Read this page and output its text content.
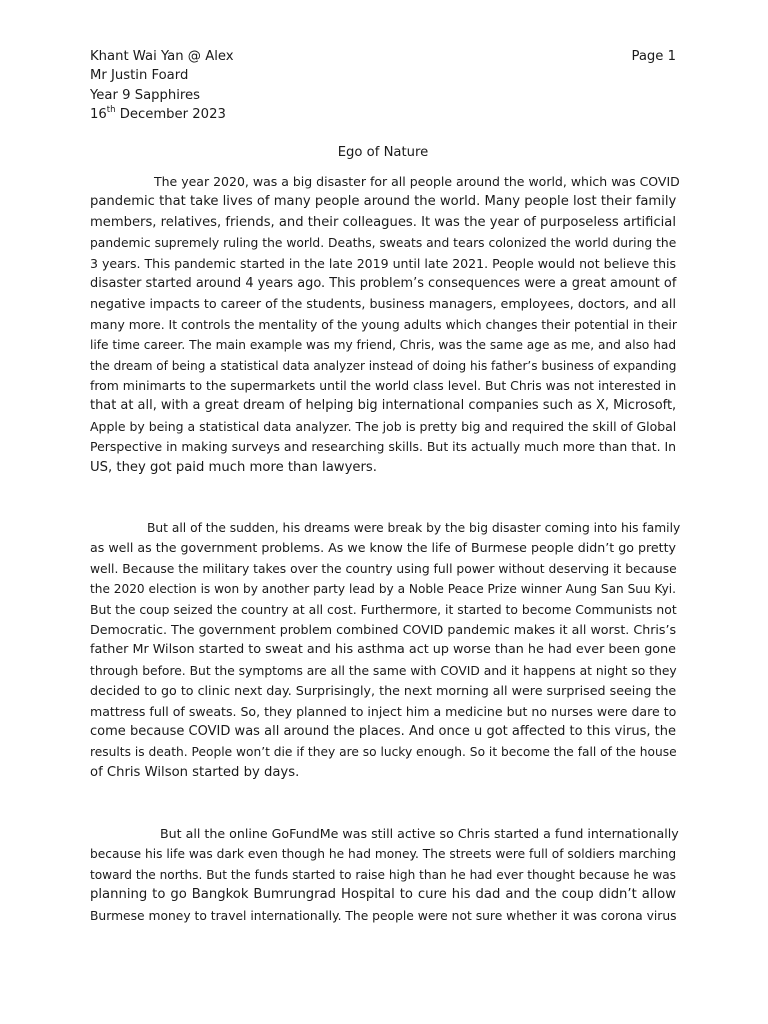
Khant Wai Yan @ Alex
Mr Justin Foard
Year 9 Sapphires
16th December 2023
Page 1
Ego of Nature
The year 2020, was a big disaster for all people around the world, which was COVID
pandemic that take lives of many people around the world. Many people lost their family
members, relatives, friends, and their colleagues. It was the year of purposeless artificial
pandemic supremely ruling the world. Deaths, sweats and tears colonized the world during the
3 years. This pandemic started in the late 2019 until late 2021. People would not believe this
disaster started around 4 years ago. This problem’s consequences were a great amount of
negative impacts to career of the students, business managers, employees, doctors, and all
many more. It controls the mentality of the young adults which changes their potential in their
life time career. The main example was my friend, Chris, was the same age as me, and also had
the dream of being a statistical data analyzer instead of doing his father’s business of expanding
from minimarts to the supermarkets until the world class level. But Chris was not interested in
that at all, with a great dream of helping big international companies such as X, Microsoft,
Apple by being a statistical data analyzer. The job is pretty big and required the skill of Global
Perspective in making surveys and researching skills. But its actually much more than that. In
US, they got paid much more than lawyers.
But all of the sudden, his dreams were break by the big disaster coming into his family
as well as the government problems. As we know the life of Burmese people didn’t go pretty
well. Because the military takes over the country using full power without deserving it because
the 2020 election is won by another party lead by a Noble Peace Prize winner Aung San Suu Kyi.
But the coup seized the country at all cost. Furthermore, it started to become Communists not
Democratic. The government problem combined COVID pandemic makes it all worst. Chris’s
father Mr Wilson started to sweat and his asthma act up worse than he had ever been gone
through before. But the symptoms are all the same with COVID and it happens at night so they
decided to go to clinic next day. Surprisingly, the next morning all were surprised seeing the
mattress full of sweats. So, they planned to inject him a medicine but no nurses were dare to
come because COVID was all around the places. And once u got affected to this virus, the
results is death. People won’t die if they are so lucky enough. So it become the fall of the house
of Chris Wilson started by days.
But all the online GoFundMe was still active so Chris started a fund internationally
because his life was dark even though he had money. The streets were full of soldiers marching
toward the norths. But the funds started to raise high than he had ever thought because he was
planning to go Bangkok Bumrungrad Hospital to cure his dad and the coup didn’t allow
Burmese money to travel internationally. The people were not sure whether it was corona virus
